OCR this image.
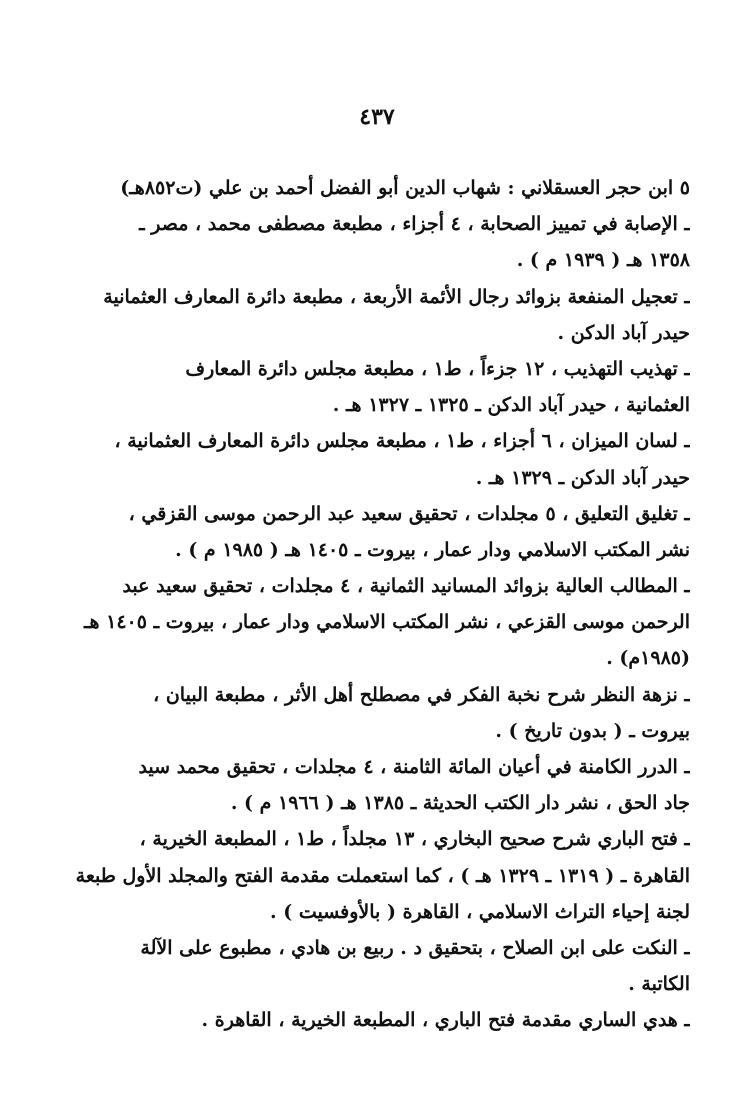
٤٣٧
٥ ابن حجر العسقلاني : شهاب الدين أبو الفضل أحمد بن علي (ت٨٥٢هـ)
ـ الإصابة في تمييز الصحابة ، ٤ أجزاء ، مطبعة مصطفى محمد ، مصر ـ
١٣٥٨ هـ ( ١٩٣٩ م ) .
ـ تعجيل المنفعة بزوائد رجال الأئمة الأربعة ، مطبعة دائرة المعارف العثمانية
حيدر آباد الدكن .
ـ تهذيب التهذيب ، ١٢ جزءاً ، ط١ ، مطبعة مجلس دائرة المعارف
العثمانية ، حيدر آباد الدكن ـ ١٣٢٥ ـ ١٣٢٧ هـ .
ـ لسان الميزان ، ٦ أجزاء ، ط١ ، مطبعة مجلس دائرة المعارف العثمانية ،
حيدر آباد الدكن ـ ١٣٢٩ هـ .
ـ تغليق التعليق ، ٥ مجلدات ، تحقيق سعيد عبد الرحمن موسى القزقي ،
نشر المكتب الاسلامي ودار عمار ، بيروت ـ ١٤٠٥ هـ ( ١٩٨٥ م ) .
ـ المطالب العالية بزوائد المسانيد الثمانية ، ٤ مجلدات ، تحقيق سعيد عبد
الرحمن موسى القزعي ، نشر المكتب الاسلامي ودار عمار ، بيروت ـ ١٤٠٥ هـ
(١٩٨٥م) .
ـ نزهة النظر شرح نخبة الفكر في مصطلح أهل الأثر ، مطبعة البيان ،
بيروت ـ ( بدون تاريخ ) .
ـ الدرر الكامنة في أعيان المائة الثامنة ، ٤ مجلدات ، تحقيق محمد سيد
جاد الحق ، نشر دار الكتب الحديثة ـ ١٣٨٥ هـ ( ١٩٦٦ م ) .
ـ فتح الباري شرح صحيح البخاري ، ١٣ مجلداً ، ط١ ، المطبعة الخيرية ،
القاهرة ـ ( ١٣١٩ ـ ١٣٢٩ هـ ) ، كما استعملت مقدمة الفتح والمجلد الأول طبعة
لجنة إحياء التراث الاسلامي ، القاهرة ( بالأوفسيت ) .
ـ النكت على ابن الصلاح ، بتحقيق د . ربيع بن هادي ، مطبوع على الآلة
الكاتبة .
ـ هدي الساري مقدمة فتح الباري ، المطبعة الخيرية ، القاهرة .
